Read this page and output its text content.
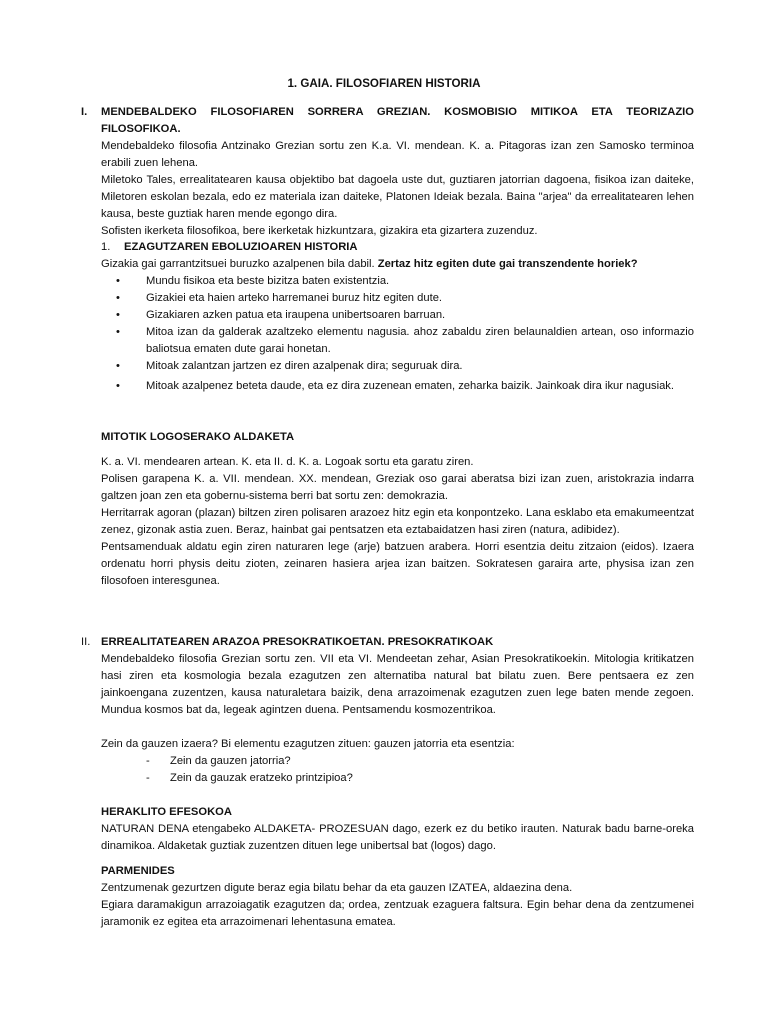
1. GAIA. FILOSOFIAREN HISTORIA
I. MENDEBALDEKO FILOSOFIAREN SORRERA GREZIAN. KOSMOBISIO MITIKOA ETA TEORIZAZIO FILOSOFIKOA.

Mendebaldeko filosofia Antzinako Grezian sortu zen K.a. VI. mendean. K. a. Pitagoras izan zen Samosko terminoa erabili zuen lehena.

Miletoko Tales, errealitatearen kausa objektibo bat dagoela uste dut, guztiaren jatorrian dagoena, fisikoa izan daiteke, Miletoren eskolan bezala, edo ez materiala izan daiteke, Platonen Ideiak bezala. Baina "arjea" da errealitatearen lehen kausa, beste guztiak haren mende egongo dira.

Sofisten ikerketa filosofikoa, bere ikerketak hizkuntzara, gizakira eta gizartera zuzenduz.

1. EZAGUTZAREN EBOLUZIOAREN HISTORIA

Gizakia gai garrantzitsuei buruzko azalpenen bila dabil. Zertaz hitz egiten dute gai transzendente horiek?

• Mundu fisikoa eta beste bizitza baten existentzia.
• Gizakiei eta haien arteko harremanei buruz hitz egiten dute.
• Gizakiaren azken patua eta iraupena unibertsoaren barruan.
• Mitoa izan da galderak azaltzeko elementu nagusia. ahoz zabaldu ziren belaunaldien artean, oso informazio baliotsua ematen dute garai honetan.
• Mitoak zalantzan jartzen ez diren azalpenak dira; seguruak dira.
• Mitoak azalpenez beteta daude, eta ez dira zuzenean ematen, zeharka baizik. Jainkoak dira ikur nagusiak.

MITOTIK LOGOSERAKO ALDAKETA

K. a. VI. mendearen artean. K. eta II. d. K. a. Logoak sortu eta garatu ziren.

Polisen garapena K. a. VII. mendean. XX. mendean, Greziak oso garai aberatsa bizi izan zuen, aristokrazia indarra galtzen joan zen eta gobernu-sistema berri bat sortu zen: demokrazia.

Herritarrak agoran (plazan) biltzen ziren polisaren arazoez hitz egin eta konpontzeko. Lana esklabo eta emakumeentzat zenez, gizonak astia zuen. Beraz, hainbat gai pentsatzen eta eztabaidatzen hasi ziren (natura, adibidez).

Pentsamenduak aldatu egin ziren naturaren lege (arje) batzuen arabera. Horri esentzia deitu zitzaion (eidos). Izaera ordenatu horri physis deitu zioten, zeinaren hasiera arjea izan baitzen. Sokratesen garaira arte, physisa izan zen filosofoen interesgunea.

II. ERREALITATEAREN ARAZOA PRESOKRATIKOETAN. PRESOKRATIKOAK

Mendebaldeko filosofia Grezian sortu zen. VII eta VI. Mendeetan zehar, Asian Presokratikoekin. Mitologia kritikatzen hasi ziren eta kosmologia bezala ezagutzen zen alternatiba natural bat bilatu zuen. Bere pentsaera ez zen jainkoengana zuzentzen, kausa naturaletara baizik, dena arrazoimenak ezagutzen zuen lege baten mende zegoen. Mundua kosmos bat da, legeak agintzen duena. Pentsamendu kosmozentrikoa.

Zein da gauzen izaera? Bi elementu ezagutzen zituen: gauzen jatorria eta esentzia:

- Zein da gauzen jatorria?
- Zein da gauzak eratzeko printzipioa?

HERAKLITO EFESOKOA

NATURAN DENA etengabeko ALDAKETA- PROZESUAN dago, ezerk ez du betiko irauten. Naturak badu barne-oreka dinamikoa. Aldaketak guztiak zuzentzen dituen lege unibertsal bat (logos) dago.

PARMENIDES

Zentzumenak gezurtzen digute beraz egia bilatu behar da eta gauzen IZATEA, aldaezina dena.

Egiara daramakigun arrazoiagatik ezagutzen da; ordea, zentzuak ezaguera faltsura. Egin behar dena da zentzumenei jaramonik ez egitea eta arrazoimenari lehentasuna ematea.
